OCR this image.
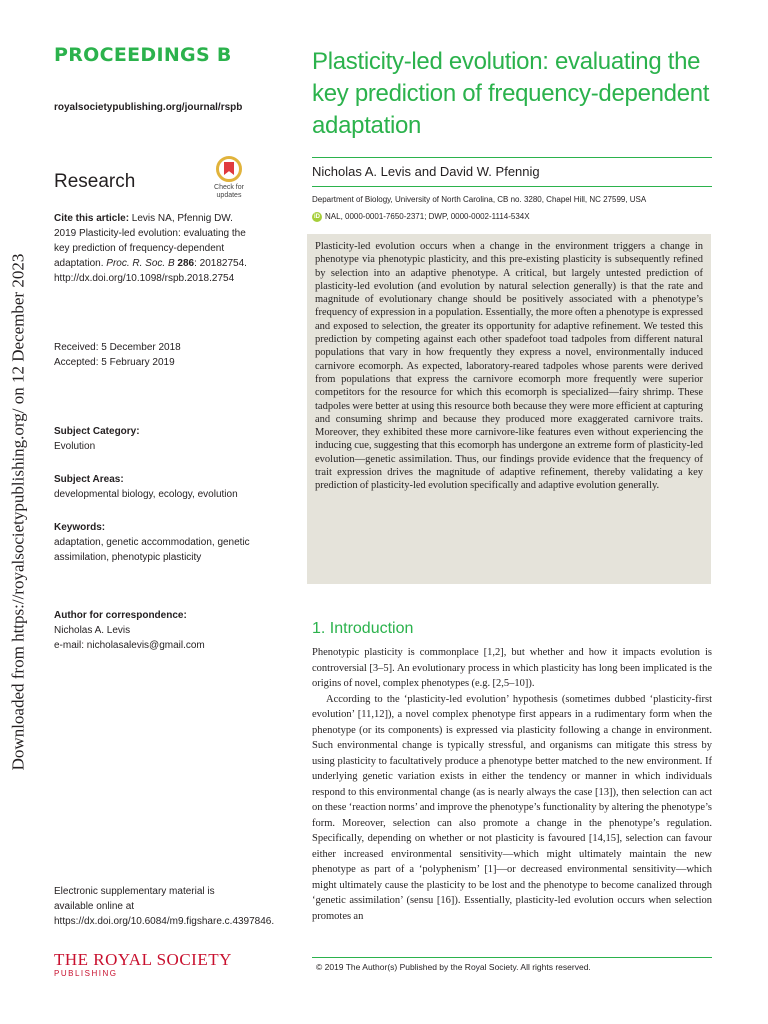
Downloaded from https://royalsocietypublishing.org/ on 12 December 2023
PROCEEDINGS B
royalsocietypublishing.org/journal/rspb
Research	Check for
updates
Cite this article: Levis NA, Pfennig DW. 2019 Plasticity-led evolution: evaluating the key prediction of frequency-dependent adaptation. Proc. R. Soc. B 286: 20182754.
http://dx.doi.org/10.1098/rspb.2018.2754
Received: 5 December 2018
Accepted: 5 February 2019
Subject Category:
Evolution
Subject Areas:
developmental biology, ecology, evolution
Keywords:
adaptation, genetic accommodation, genetic assimilation, phenotypic plasticity
Author for correspondence:
Nicholas A. Levis
e-mail: nicholasalevis@gmail.com
Electronic supplementary material is available online at https://dx.doi.org/10.6084/m9.figshare.c.4397846.
THE ROYAL SOCIETY
PUBLISHING
Plasticity-led evolution: evaluating the key prediction of frequency-dependent adaptation
Nicholas A. Levis and David W. Pfennig
Department of Biology, University of North Carolina, CB no. 3280, Chapel Hill, NC 27599, USA
iD NAL, 0000-0001-7650-2371; DWP, 0000-0002-1114-534X

Plasticity-led evolution occurs when a change in the environment triggers a change in phenotype via phenotypic plasticity, and this pre-existing plasticity is subsequently refined by selection into an adaptive phenotype. A critical, but largely untested prediction of plasticity-led evolution (and evolution by natural selection generally) is that the rate and magnitude of evolutionary change should be positively associated with a phenotype’s frequency of expression in a population. Essentially, the more often a phenotype is expressed and exposed to selection, the greater its opportunity for adaptive refinement. We tested this prediction by competing against each other spadefoot toad tadpoles from different natural populations that vary in how frequently they express a novel, environmentally induced carnivore ecomorph. As expected, laboratory-reared tadpoles whose parents were derived from populations that express the carnivore ecomorph more frequently were superior competitors for the resource for which this ecomorph is specialized—fairy shrimp. These tadpoles were better at using this resource both because they were more efficient at capturing and consuming shrimp and because they produced more exaggerated carnivore traits. Moreover, they exhibited these more carnivore-like features even without experiencing the inducing cue, suggesting that this ecomorph has undergone an extreme form of plasticity-led evolution—genetic assimilation. Thus, our findings provide evidence that the frequency of trait expression drives the magnitude of adaptive refinement, thereby validating a key prediction of plasticity-led evolution specifically and adaptive evolution generally.

1. Introduction

Phenotypic plasticity is commonplace [1,2], but whether and how it impacts evolution is controversial [3–5]. An evolutionary process in which plasticity has long been implicated is the origins of novel, complex phenotypes (e.g. [2,5–10]).

According to the ‘plasticity-led evolution’ hypothesis (sometimes dubbed ‘plasticity-first evolution’ [11,12]), a novel complex phenotype first appears in a rudimentary form when the phenotype (or its components) is expressed via plasticity following a change in environment. Such environmental change is typically stressful, and organisms can mitigate this stress by using plasticity to facultatively produce a phenotype better matched to the new environment. If underlying genetic variation exists in either the tendency or manner in which individuals respond to this environmental change (as is nearly always the case [13]), then selection can act on these ‘reaction norms’ and improve the phenotype’s functionality by altering the phenotype’s form. Moreover, selection can also promote a change in the phenotype’s regulation. Specifically, depending on whether or not plasticity is favoured [14,15], selection can favour either increased environmental sensitivity—which might ultimately maintain the new phenotype as part of a ‘polyphenism’ [1]—or decreased environmental sensitivity—which might ultimately cause the plasticity to be lost and the phenotype to become canalized through ‘genetic assimilation’ (sensu [16]). Essentially, plasticity-led evolution occurs when selection promotes an

© 2019 The Author(s) Published by the Royal Society. All rights reserved.
